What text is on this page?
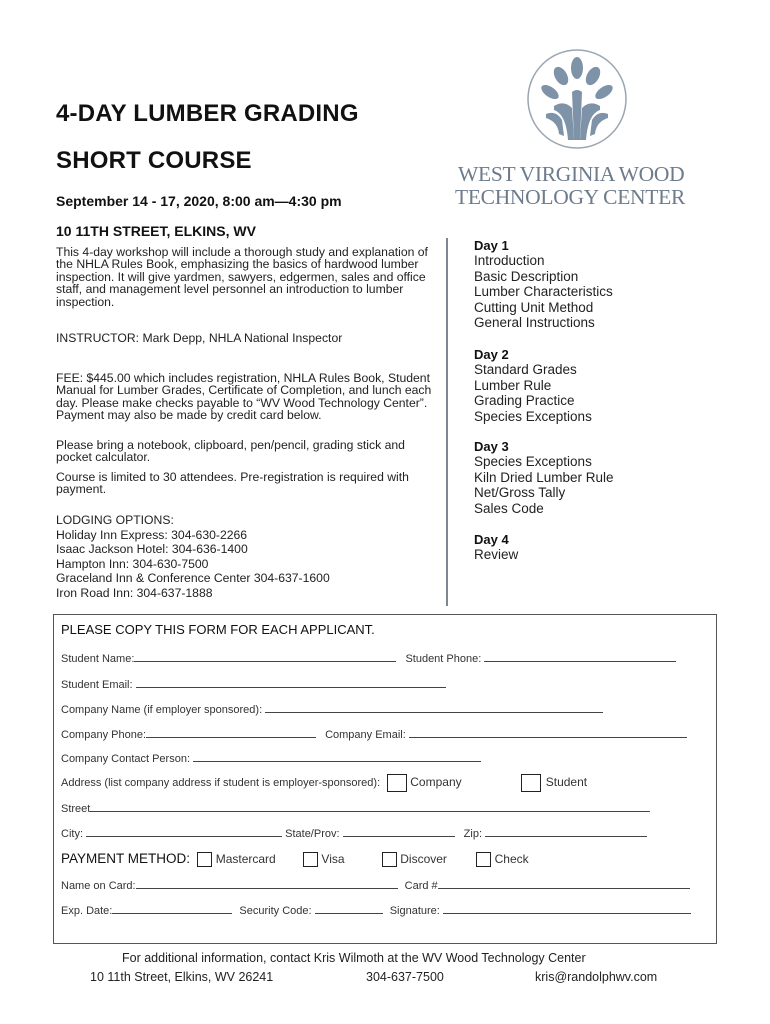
4-DAY LUMBER GRADING
SHORT COURSE
September 14 - 17, 2020, 8:00 am—4:30 pm
10 11TH STREET, ELKINS, WV
WEST VIRGINIA WOOD
TECHNOLOGY CENTER
This 4-day workshop will include a thorough study and explanation of the NHLA Rules Book, emphasizing the basics of hardwood lumber inspection. It will give yardmen, sawyers, edgermen, sales and office staff, and management level personnel an introduction to lumber inspection.
INSTRUCTOR: Mark Depp, NHLA National Inspector
FEE: $445.00 which includes registration, NHLA Rules Book, Student Manual for Lumber Grades, Certificate of Completion, and lunch each day. Please make checks payable to “WV Wood Technology Center”. Payment may also be made by credit card below.
Please bring a notebook, clipboard, pen/pencil, grading stick and pocket calculator.
Course is limited to 30 attendees. Pre-registration is required with payment.
LODGING OPTIONS:
Holiday Inn Express: 304-630-2266
Isaac Jackson Hotel: 304-636-1400
Hampton Inn: 304-630-7500
Graceland Inn & Conference Center 304-637-1600
Iron Road Inn: 304-637-1888
Day 1
Introduction
Basic Description
Lumber Characteristics
Cutting Unit Method
General Instructions
Day 2
Standard Grades
Lumber Rule
Grading Practice
Species Exceptions
Day 3
Species Exceptions
Kiln Dried Lumber Rule
Net/Gross Tally
Sales Code
Day 4
Review
PLEASE COPY THIS FORM FOR EACH APPLICANT.
Student Name:	Student Phone:
Student Email:
Company Name (if employer sponsored):
Company Phone:	Company Email:
Company Contact Person:
Address (list company address if student is employer-sponsored):	Company	Student
Street
City:	State/Prov:	Zip:
PAYMENT METHOD: Mastercard	Visa	Discover	Check
Name on Card:	Card #
Exp. Date:	Security Code:	Signature:
For additional information, contact Kris Wilmoth at the WV Wood Technology Center
10 11th Street, Elkins, WV 26241	304-637-7500	kris@randolphwv.com
